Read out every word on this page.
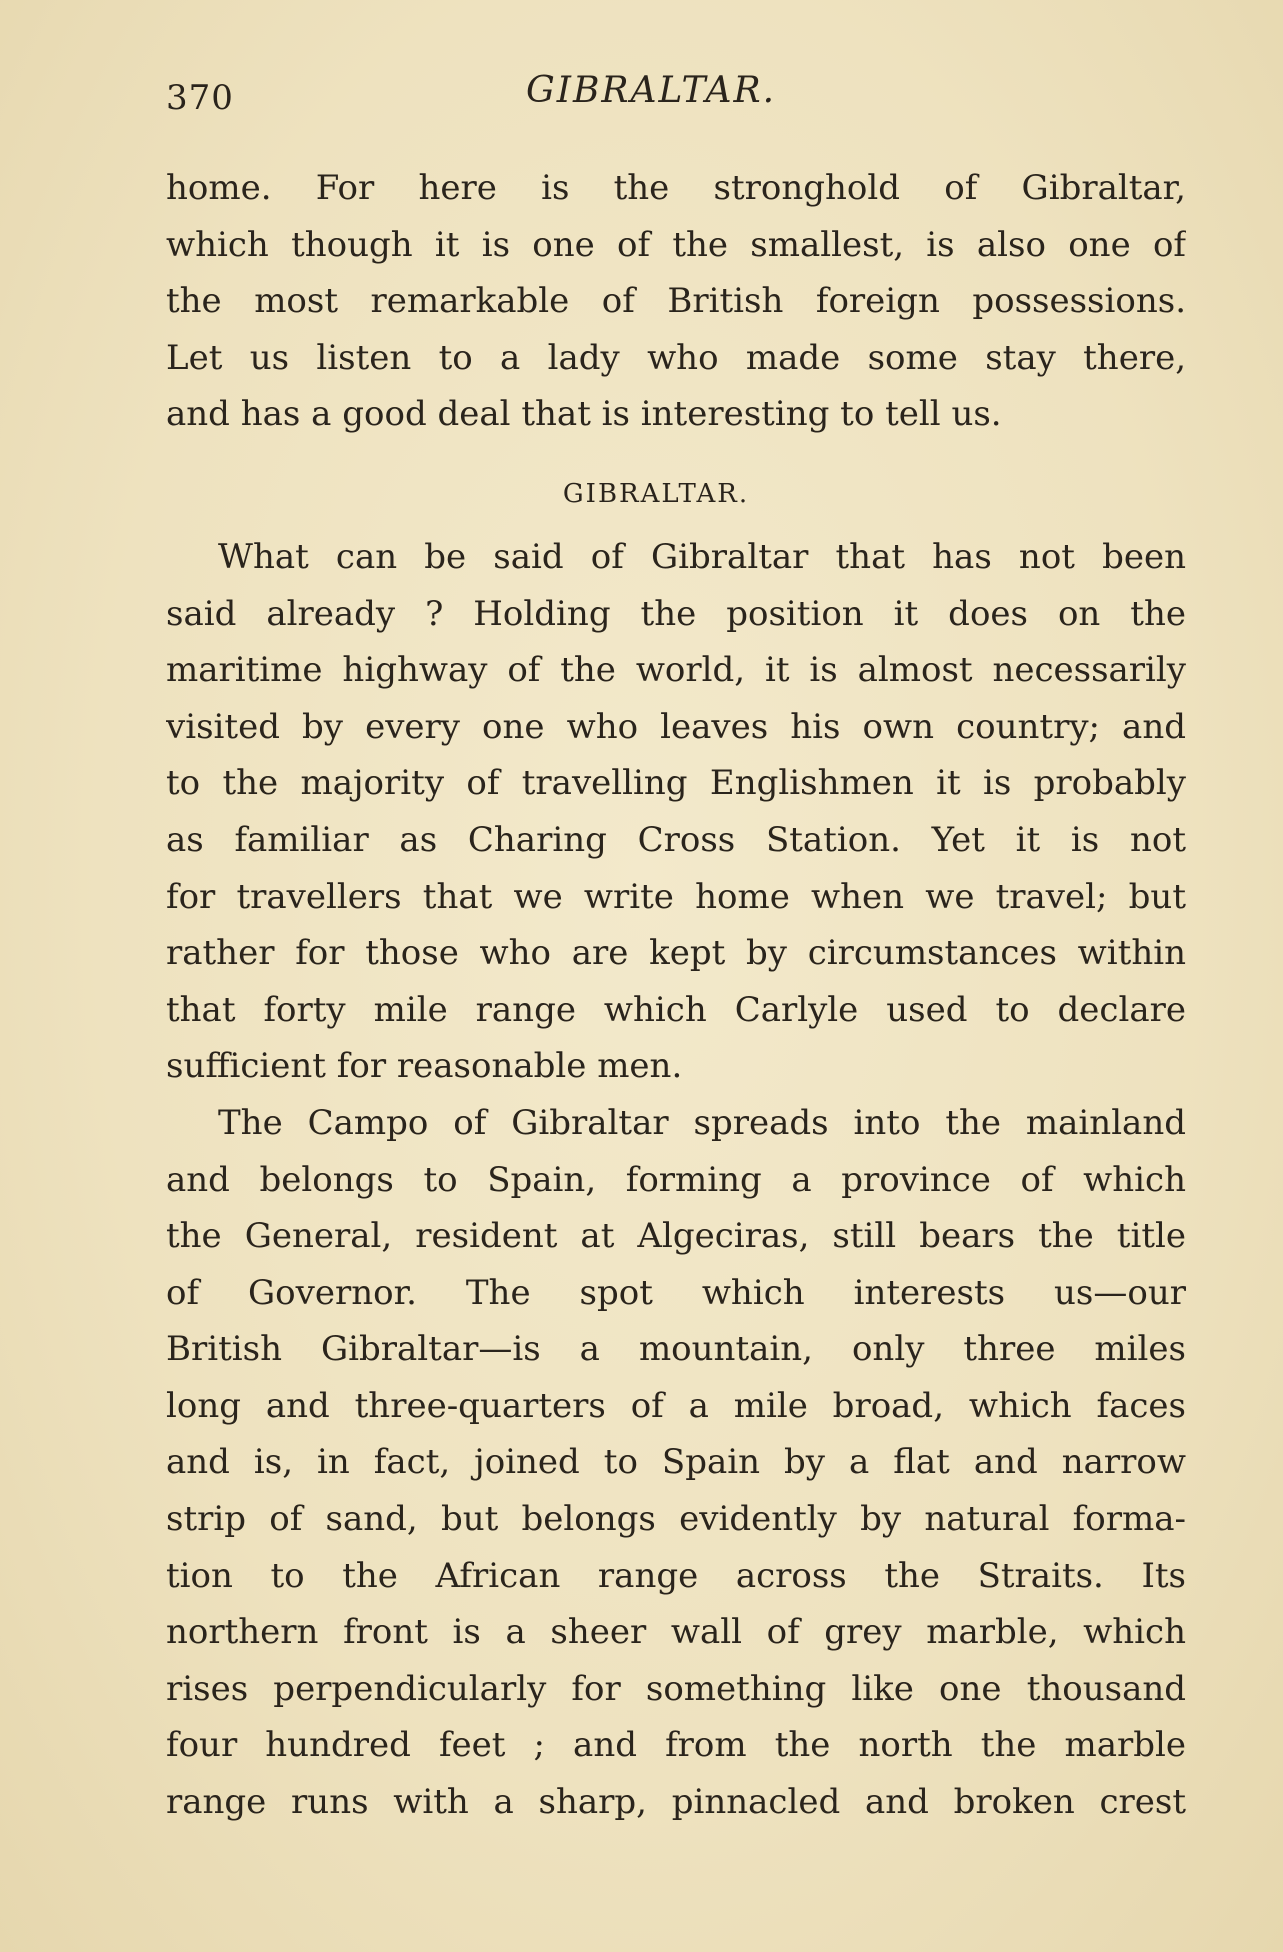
370	GIBRALTAR.
home. For here is the stronghold of Gibraltar,
which though it is one of the smallest, is also one of
the most remarkable of British foreign possessions.
Let us listen to a lady who made some stay there,
and has a good deal that is interesting to tell us.
GIBRALTAR.
What can be said of Gibraltar that has not been
said already ? Holding the position it does on the
maritime highway of the world, it is almost necessarily
visited by every one who leaves his own country; and
to the majority of travelling Englishmen it is probably
as familiar as Charing Cross Station. Yet it is not
for travellers that we write home when we travel; but
rather for those who are kept by circumstances within
that forty mile range which Carlyle used to declare
sufficient for reasonable men.
The Campo of Gibraltar spreads into the mainland
and belongs to Spain, forming a province of which
the General, resident at Algeciras, still bears the title
of Governor. The spot which interests us—our
British Gibraltar—is a mountain, only three miles
long and three-quarters of a mile broad, which faces
and is, in fact, joined to Spain by a flat and narrow
strip of sand, but belongs evidently by natural forma-
tion to the African range across the Straits. Its
northern front is a sheer wall of grey marble, which
rises perpendicularly for something like one thousand
four hundred feet ; and from the north the marble
range runs with a sharp, pinnacled and broken crest
